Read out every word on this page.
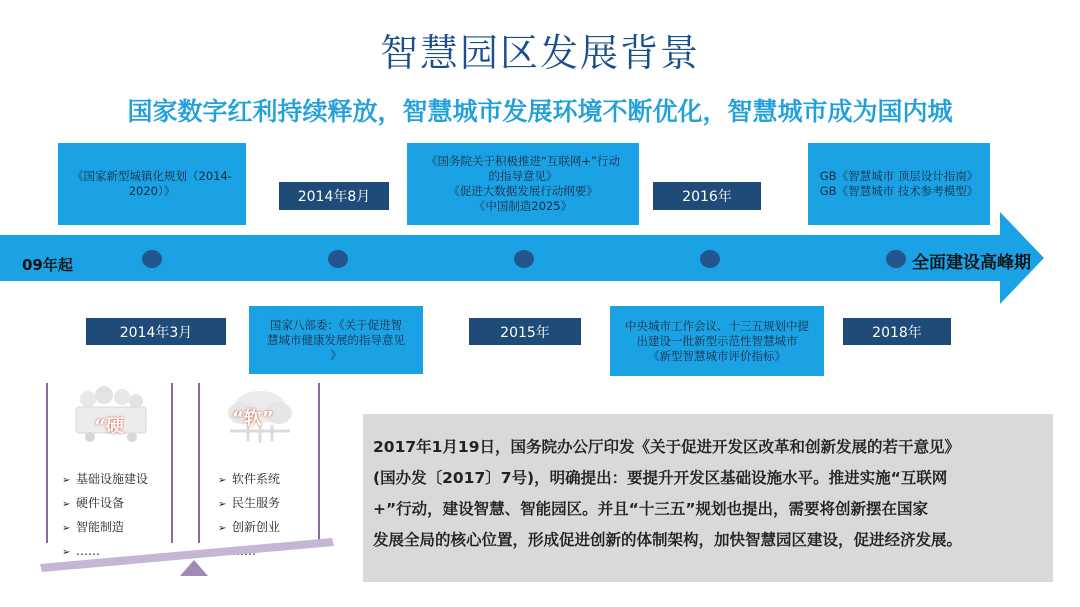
智慧园区发展背景
国家数字红利持续释放，智慧城市发展环境不断优化，智慧城市成为国内城
09年起	全面建设高峰期
《国家新型城镇化规划（2014-
2020）》
《国务院关于积极推进“互联网+”行动
的指导意见》
《促进大数据发展行动纲要》
《中国制造2025》
GB《智慧城市 顶层设计指南》
GB《智慧城市 技术参考模型》
2014年8月	2016年
2014年3月	2015年	2018年
国家八部委：《关于促进智
慧城市健康发展的指导意见
》
中央城市工作会议、十三五规划中提
出建设一批新型示范性智慧城市
《新型智慧城市评价指标》
“硬	“软”
➢ 基础设施建设
➢ 硬件设备
➢ 智能制造
➢ ……
➢ 软件系统
➢ 民生服务
➢ 创新创业
2017年1月19日，国务院办公厅印发《关于促进开发区改革和创新发展的若干意见》
(国办发〔2017〕7号)，明确提出：要提升开发区基础设施水平。推进实施“互联网
+”行动，建设智慧、智能园区。并且“十三五”规划也提出，需要将创新摆在国家
发展全局的核心位置，形成促进创新的体制架构，加快智慧园区建设，促进经济发展。
